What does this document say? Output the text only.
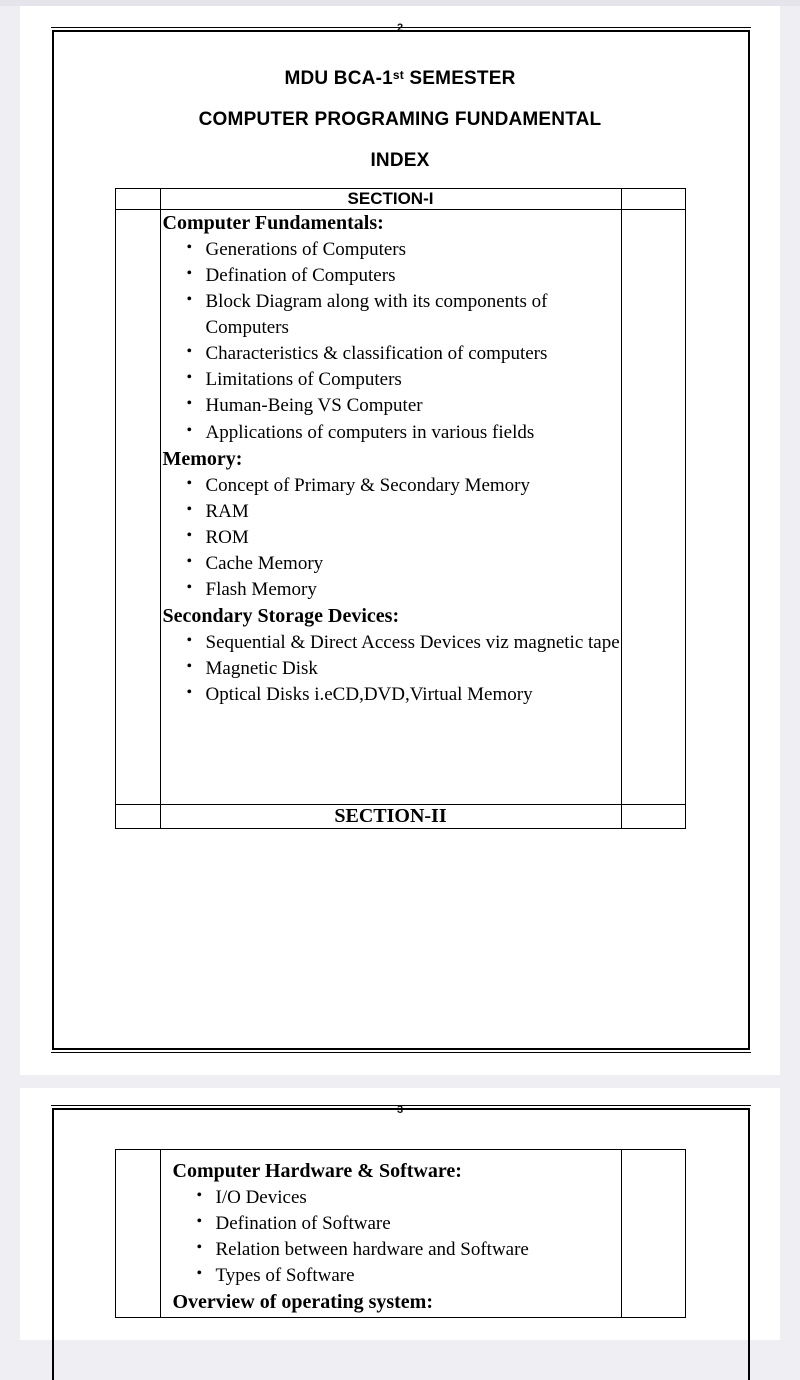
2
MDU BCA-1st SEMESTER
COMPUTER PROGRAMING FUNDAMENTAL
INDEX
	SECTION-I	

Computer Fundamentals:

• Generations of Computers
• Defination of Computers
• Block Diagram along with its components of Computers
• Characteristics & classification of computers
• Limitations of Computers
• Human-Being VS Computer
• Applications of computers in various fields

Memory:

• Concept of Primary & Secondary Memory
• RAM
• ROM
• Cache Memory
• Flash Memory

Secondary Storage Devices:

• Sequential & Direct Access Devices viz magnetic tape
• Magnetic Disk
• Optical Disks i.eCD,DVD,Virtual Memory

	SECTION-II	
3

Computer Hardware & Software:

• I/O Devices
• Defination of Software
• Relation between hardware and Software
• Types of Software

Overview of operating system:
